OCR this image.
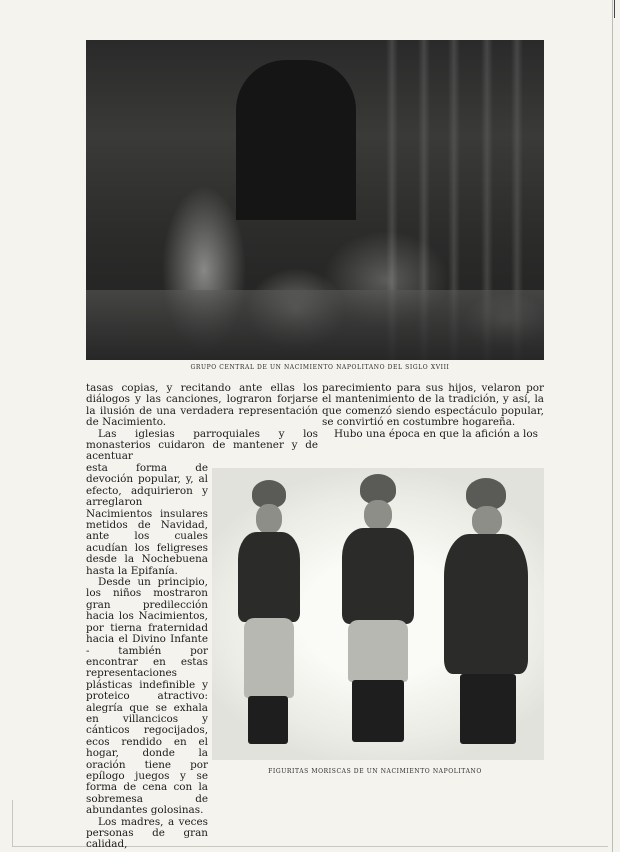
GRUPO CENTRAL DE UN NACIMIENTO NAPOLITANO DEL SIGLO XVIII

tasas copias, y recitando ante ellas los diálogos y las canciones, lograron forjarse la ilusión de una verdadera representación de Nacimiento.

Las iglesias parroquiales y los monasterios cuidaron de mantener y de acentuar

esta forma de devoción popular, y, al efecto, adquirieron y arreglaron Nacimientos insulares metidos de Navidad, ante los cuales acudían los feligreses desde la Nochebuena hasta la Epifanía.

Desde un principio, los niños mostraron gran predilección hacia los Nacimientos, por tierna fraternidad hacia el Divino Infante - también por encontrar en estas representaciones plásticas indefinible y proteico atractivo: alegría que se exhala en villancicos y cánticos regocijados, ecos rendido en el hogar, donde la oración tiene por epílogo juegos y se forma de cena con la sobremesa de abundantes golosinas.

Los madres, a veces personas de gran calidad,

parecimiento para sus hijos, velaron por el mantenimiento de la tradición, y así, la que comenzó siendo espectáculo popular, se convirtió en costumbre hogareña.

Hubo una época en que la afición a los

FIGURITAS MORISCAS DE UN NACIMIENTO NAPOLITANO
